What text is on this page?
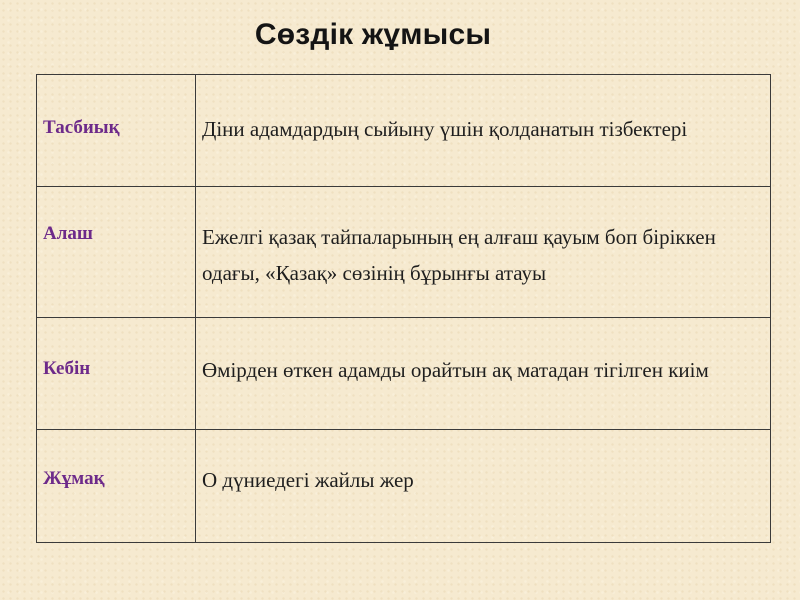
Сөздік жұмысы
Тасбиық	Діни адамдардың сыйыну үшін қолданатын тізбектері

Алаш	Ежелгі қазақ тайпаларының ең алғаш қауым боп біріккен одағы, «Қазақ» сөзінің бұрынғы атауы

Кебін	Өмірден өткен адамды орайтын ақ матадан тігілген киім

Жұмақ	О дүниедегі жайлы жер
